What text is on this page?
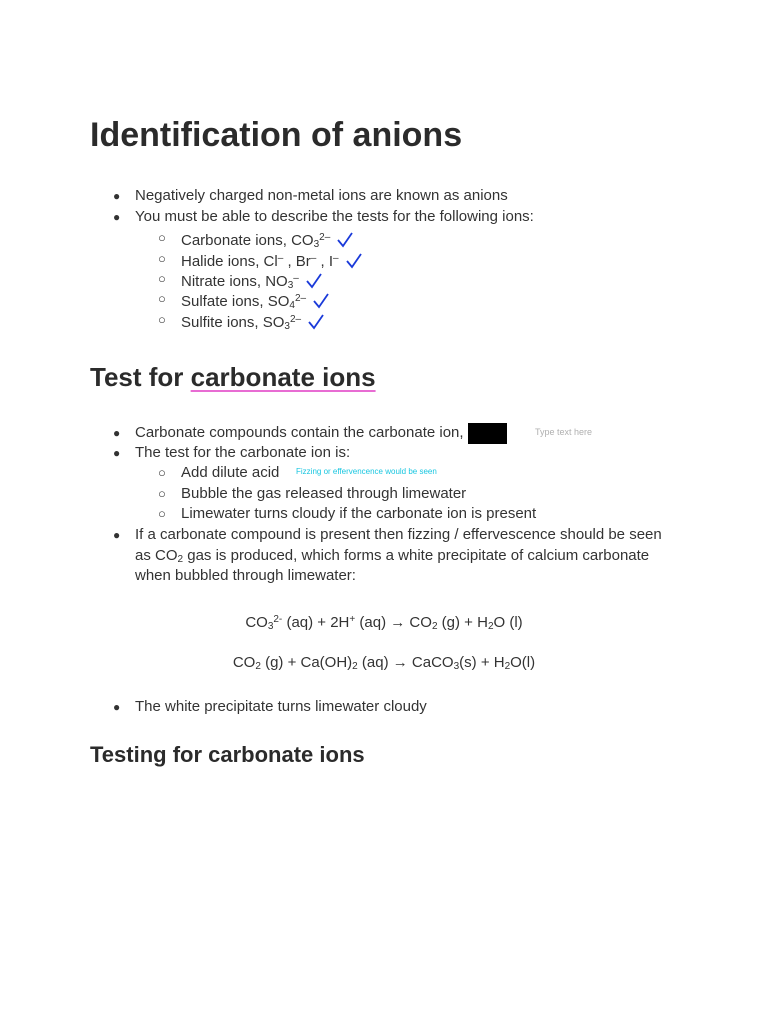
Identification of anions
● Negatively charged non-metal ions are known as anions
● You must be able to describe the tests for the following ions:
○ Carbonate ions, $CO_3^{2-}$
○ Halide ions, Cl– , Br– , I–
○ Nitrate ions, $NO_3^-$
○ Sulfate ions, $SO_4^{2-}$
○ Sulfite ions, $SO_3^{2-}$
Test for carbonate ions
● Carbonate compounds contain the carbonate ion,	Type text here
● The test for the carbonate ion is:
○ Add dilute acid Fizzing or effervencence would be seen
○ Bubble the gas released through limewater
○ Limewater turns cloudy if the carbonate ion is present
● If a carbonate compound is present then fizzing / effervescence should be seen
as $CO_2$ gas is produced, which forms a white precipitate of calcium carbonate
when bubbled through limewater:
$CO_3^{2-}$ (aq) + 2H+ $(aq) \to CO_2$ $(g) + H_2O$ (l)
$CO_2$ $(g) + Ca(OH)_2$ (aq) → CaCO$_3$(s) + $H_2O(l)$
● The white precipitate turns limewater cloudy
Testing for carbonate ions
